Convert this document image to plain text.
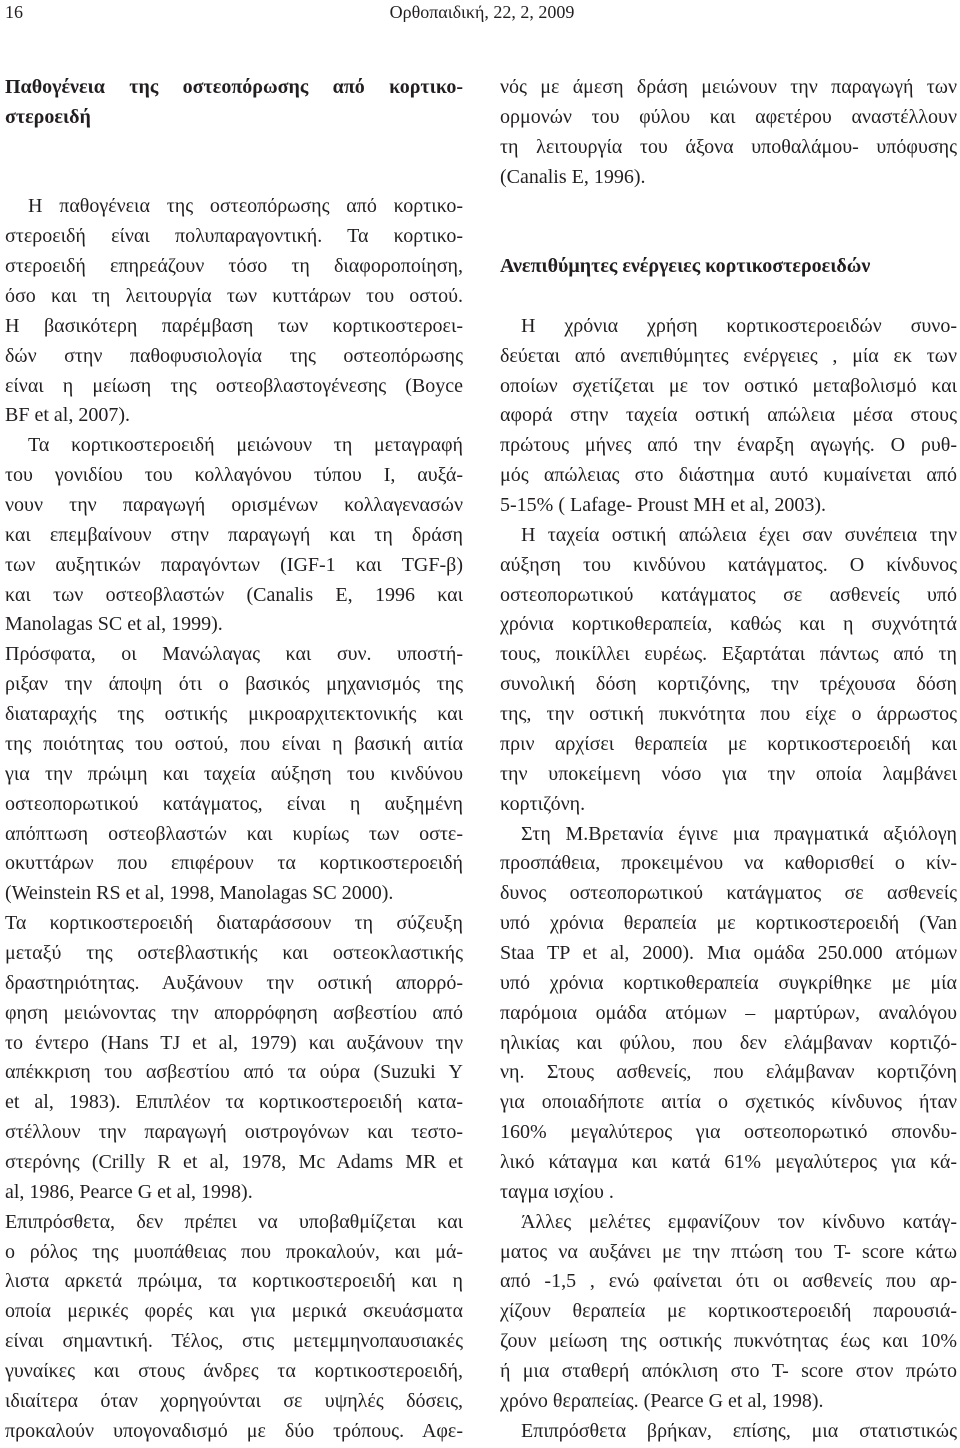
16	Ορθοπαιδική, 22, 2, 2009
Παθογένεια της οστεοπόρωσης από κορτικο-
στεροειδή
Η παθογένεια της οστεοπόρωσης από κορτικο-
στεροειδή είναι πολυπαραγοντική. Τα κορτικο-
στεροειδή επηρεάζουν τόσο τη διαφοροποίηση,
όσο και τη λειτουργία των κυττάρων του οστού.
Η βασικότερη παρέμβαση των κορτικοστεροει-
δών στην παθοφυσιολογία της οστεοπόρωσης
είναι η μείωση της οστεοβλαστογένεσης (Boyce
BF et al, 2007).
Τα κορτικοστεροειδή μειώνουν τη μεταγραφή
του γονιδίου του κολλαγόνου τύπου I, αυξά-
νουν την παραγωγή ορισμένων κολλαγενασών
και επεμβαίνουν στην παραγωγή και τη δράση
των αυξητικών παραγόντων (IGF-1 και TGF-β)
και των οστεοβλαστών (Canalis E, 1996 και
Manolagas SC et al, 1999).
Πρόσφατα, οι Μανώλαγας και συν. υποστή-
ριξαν την άποψη ότι ο βασικός μηχανισμός της
διαταραχής της οστικής μικροαρχιτεκτονικής και
της ποιότητας του οστού, που είναι η βασική αιτία
για την πρώιμη και ταχεία αύξηση του κινδύνου
οστεοπορωτικού κατάγματος, είναι η αυξημένη
απόπτωση οστεοβλαστών και κυρίως των οστε-
οκυττάρων που επιφέρουν τα κορτικοστεροειδή
(Weinstein RS et al, 1998, Manolagas SC 2000).
Τα κορτικοστεροειδή διαταράσσουν τη σύζευξη
μεταξύ της οστεβλαστικής και οστεοκλαστικής
δραστηριότητας. Αυξάνουν την οστική απορρό-
φηση μειώνοντας την απορρόφηση ασβεστίου από
το έντερο (Hans TJ et al, 1979) και αυξάνουν την
απέκκριση του ασβεστίου από τα ούρα (Suzuki Y
et al, 1983). Επιπλέον τα κορτικοστεροειδή κατα-
στέλλουν την παραγωγή οιστρογόνων και τεστο-
στερόνης (Crilly R et al, 1978, Mc Adams MR et
al, 1986, Pearce G et al, 1998).
Επιπρόσθετα, δεν πρέπει να υποβαθμίζεται και
ο ρόλος της μυοπάθειας που προκαλούν, και μά-
λιστα αρκετά πρώιμα, τα κορτικοστεροειδή και η
οποία μερικές φορές και για μερικά σκευάσματα
είναι σημαντική. Τέλος, στις μετεμμηνοπαυσιακές
γυναίκες και στους άνδρες τα κορτικοστεροειδή,
ιδιαίτερα όταν χορηγούνται σε υψηλές δόσεις,
προκαλούν υπογοναδισμό με δύο τρόπους. Αφε-
νός με άμεση δράση μειώνουν την παραγωγή των
ορμονών του φύλου και αφετέρου αναστέλλουν
τη λειτουργία του άξονα υποθαλάμου- υπόφυσης
(Canalis E, 1996).
Ανεπιθύμητες ενέργειες κορτικοστεροειδών
Η χρόνια χρήση κορτικοστεροειδών συνο-
δεύεται από ανεπιθύμητες ενέργειες , μία εκ των
οποίων σχετίζεται με τον οστικό μεταβολισμό και
αφορά στην ταχεία οστική απώλεια μέσα στους
πρώτους μήνες από την έναρξη αγωγής. Ο ρυθ-
μός απώλειας στο διάστημα αυτό κυμαίνεται από
5-15% ( Lafage- Proust MH et al, 2003).
Η ταχεία οστική απώλεια έχει σαν συνέπεια την
αύξηση του κινδύνου κατάγματος. Ο κίνδυνος
οστεοπορωτικού κατάγματος σε ασθενείς υπό
χρόνια κορτικοθεραπεία, καθώς και η συχνότητά
τους, ποικίλλει ευρέως. Εξαρτάται πάντως από τη
συνολική δόση κορτιζόνης, την τρέχουσα δόση
της, την οστική πυκνότητα που είχε ο άρρωστος
πριν αρχίσει θεραπεία με κορτικοστεροειδή και
την υποκείμενη νόσο για την οποία λαμβάνει
κορτιζόνη.
Στη Μ.Βρετανία έγινε μια πραγματικά αξιόλογη
προσπάθεια, προκειμένου να καθορισθεί ο κίν-
δυνος οστεοπορωτικού κατάγματος σε ασθενείς
υπό χρόνια θεραπεία με κορτικοστεροειδή (Van
Staa TP et al, 2000). Μια ομάδα 250.000 ατόμων
υπό χρόνια κορτικοθεραπεία συγκρίθηκε με μία
παρόμοια ομάδα ατόμων – μαρτύρων, αναλόγου
ηλικίας και φύλου, που δεν ελάμβαναν κορτιζό-
νη. Στους ασθενείς, που ελάμβαναν κορτιζόνη
για οποιαδήποτε αιτία ο σχετικός κίνδυνος ήταν
160% μεγαλύτερος για οστεοπορωτικό σπονδυ-
λικό κάταγμα και κατά 61% μεγαλύτερος για κά-
ταγμα ισχίου .
Άλλες μελέτες εμφανίζουν τον κίνδυνο κατάγ-
ματος να αυξάνει με την πτώση του T- score κάτω
από -1,5 , ενώ φαίνεται ότι οι ασθενείς που αρ-
χίζουν θεραπεία με κορτικοστεροειδή παρουσιά-
ζουν μείωση της οστικής πυκνότητας έως και 10%
ή μια σταθερή απόκλιση στο T- score στον πρώτο
χρόνο θεραπείας. (Pearce G et al, 1998).
Επιπρόσθετα βρήκαν, επίσης, μια στατιστικώς
